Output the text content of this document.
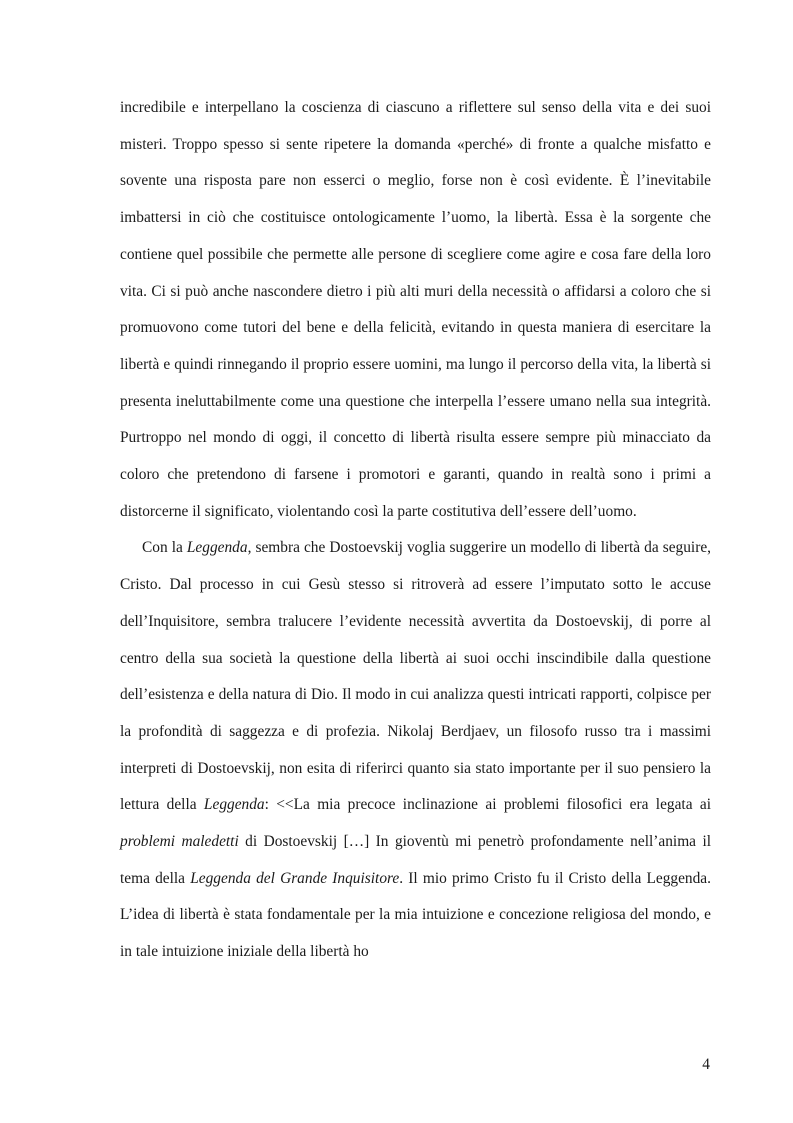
incredibile e interpellano la coscienza di ciascuno a riflettere sul senso della vita e dei suoi misteri. Troppo spesso si sente ripetere la domanda «perché» di fronte a qualche misfatto e sovente una risposta pare non esserci o meglio, forse non è così evidente. È l’inevitabile imbattersi in ciò che costituisce ontologicamente l’uomo, la libertà. Essa è la sorgente che contiene quel possibile che permette alle persone di scegliere come agire e cosa fare della loro vita. Ci si può anche nascondere dietro i più alti muri della necessità o affidarsi a coloro che si promuovono come tutori del bene e della felicità, evitando in questa maniera di esercitare la libertà e quindi rinnegando il proprio essere uomini, ma lungo il percorso della vita, la libertà si presenta ineluttabilmente come una questione che interpella l’essere umano nella sua integrità. Purtroppo nel mondo di oggi, il concetto di libertà risulta essere sempre più minacciato da coloro che pretendono di farsene i promotori e garanti, quando in realtà sono i primi a distorcerne il significato, violentando così la parte costitutiva dell’essere dell’uomo.

Con la Leggenda, sembra che Dostoevskij voglia suggerire un modello di libertà da seguire, Cristo. Dal processo in cui Gesù stesso si ritroverà ad essere l’imputato sotto le accuse dell’Inquisitore, sembra tralucere l’evidente necessità avvertita da Dostoevskij, di porre al centro della sua società la questione della libertà ai suoi occhi inscindibile dalla questione dell’esistenza e della natura di Dio. Il modo in cui analizza questi intricati rapporti, colpisce per la profondità di saggezza e di profezia. Nikolaj Berdjaev, un filosofo russo tra i massimi interpreti di Dostoevskij, non esita di riferirci quanto sia stato importante per il suo pensiero la lettura della Leggenda: <<La mia precoce inclinazione ai problemi filosofici era legata ai problemi maledetti di Dostoevskij […] In gioventù mi penetrò profondamente nell’anima il tema della Leggenda del Grande Inquisitore. Il mio primo Cristo fu il Cristo della Leggenda. L’idea di libertà è stata fondamentale per la mia intuizione e concezione religiosa del mondo, e in tale intuizione iniziale della libertà ho

4
